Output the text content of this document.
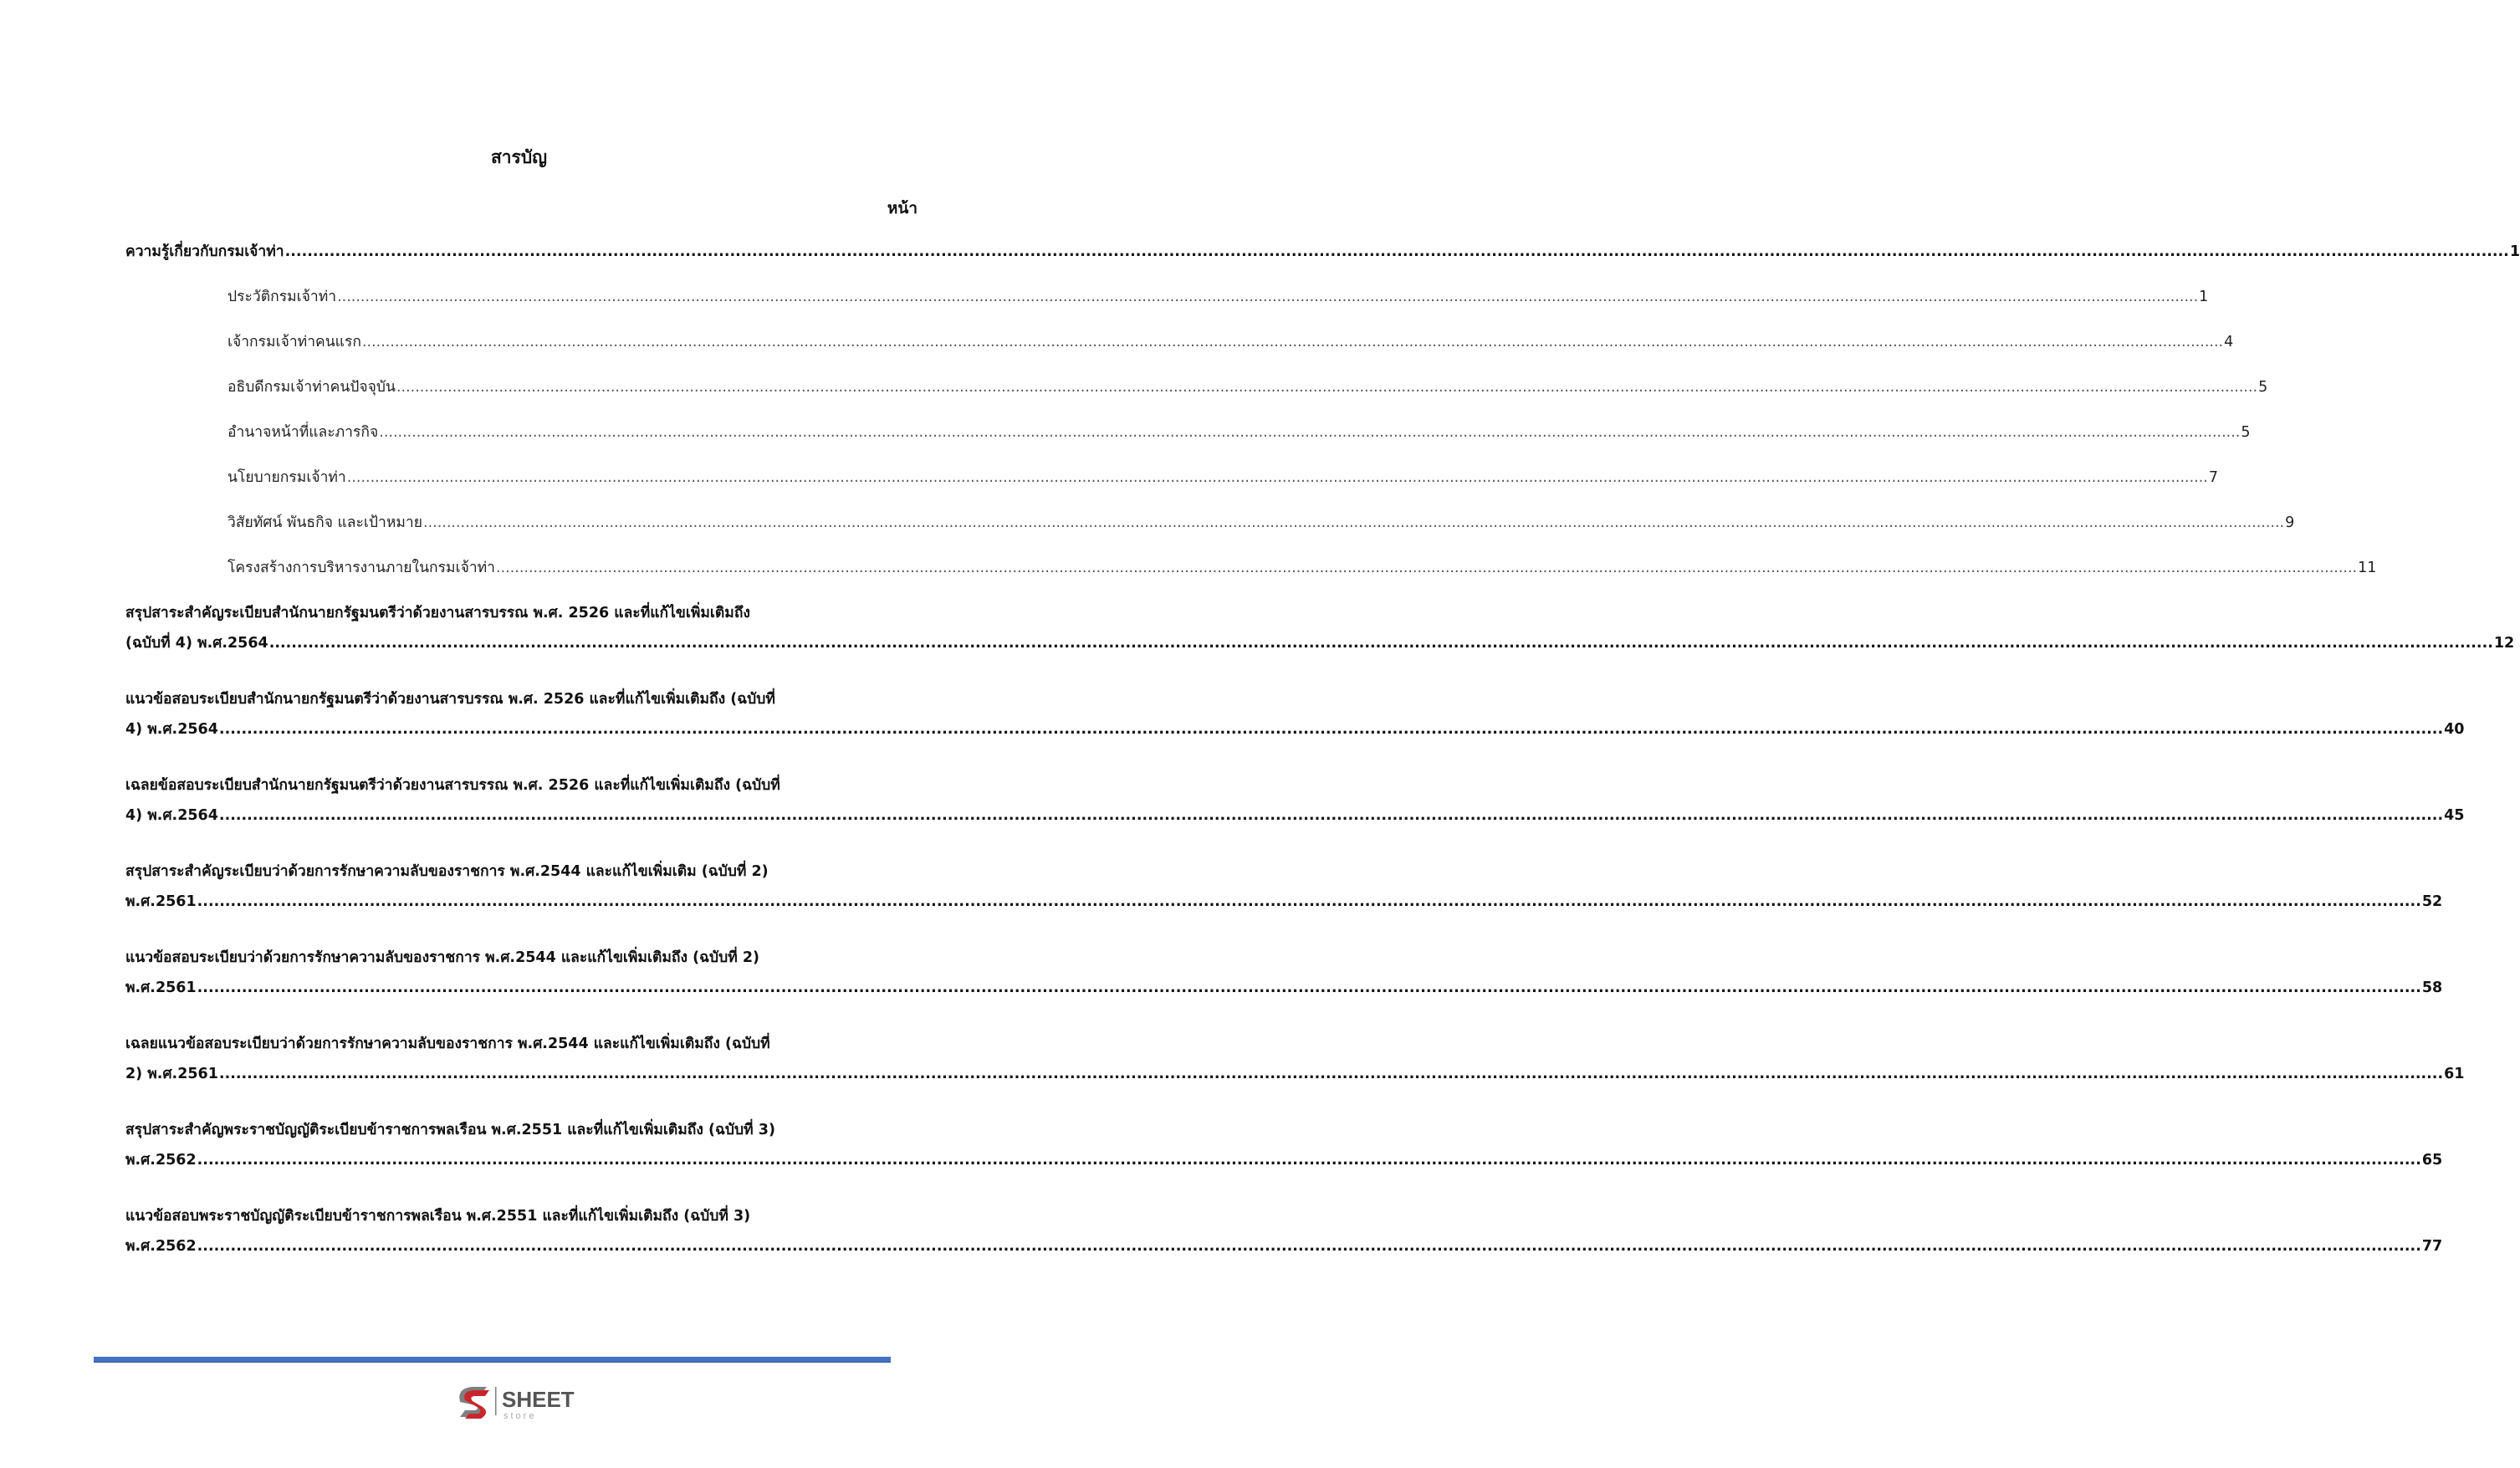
สารบัญ
หน้า
ความรู้เกี่ยวกับกรมเจ้าท่า ................................................................................................................................................................................................................................................................................................................................................................................................................ 1
ประวัติกรมเจ้าท่า ................................................................................................................................................................................................................................................................................................................................................................................................................ 1
เจ้ากรมเจ้าท่าคนแรก ................................................................................................................................................................................................................................................................................................................................................................................................................ 4
อธิบดีกรมเจ้าท่าคนปัจจุบัน ................................................................................................................................................................................................................................................................................................................................................................................................................ 5
อำนาจหน้าที่และภารกิจ ................................................................................................................................................................................................................................................................................................................................................................................................................ 5
นโยบายกรมเจ้าท่า ................................................................................................................................................................................................................................................................................................................................................................................................................ 7
วิสัยทัศน์ พันธกิจ และเป้าหมาย ................................................................................................................................................................................................................................................................................................................................................................................................................ 9
โครงสร้างการบริหารงานภายในกรมเจ้าท่า ................................................................................................................................................................................................................................................................................................................................................................................................................ 11
สรุปสาระสำคัญระเบียบสำนักนายกรัฐมนตรีว่าด้วยงานสารบรรณ พ.ศ. 2526 และที่แก้ไขเพิ่มเติมถึง
(ฉบับที่ 4) พ.ศ.2564 ................................................................................................................................................................................................................................................................................................................................................................................................................ 12
แนวข้อสอบระเบียบสำนักนายกรัฐมนตรีว่าด้วยงานสารบรรณ พ.ศ. 2526 และที่แก้ไขเพิ่มเติมถึง (ฉบับที่
4) พ.ศ.2564 ................................................................................................................................................................................................................................................................................................................................................................................................................ 40
เฉลยข้อสอบระเบียบสำนักนายกรัฐมนตรีว่าด้วยงานสารบรรณ พ.ศ. 2526 และที่แก้ไขเพิ่มเติมถึง (ฉบับที่
4) พ.ศ.2564 ................................................................................................................................................................................................................................................................................................................................................................................................................ 45
สรุปสาระสำคัญระเบียบว่าด้วยการรักษาความลับของราชการ พ.ศ.2544 และแก้ไขเพิ่มเติม (ฉบับที่ 2)
พ.ศ.2561 ................................................................................................................................................................................................................................................................................................................................................................................................................ 52
แนวข้อสอบระเบียบว่าด้วยการรักษาความลับของราชการ พ.ศ.2544 และแก้ไขเพิ่มเติมถึง (ฉบับที่ 2)
พ.ศ.2561 ................................................................................................................................................................................................................................................................................................................................................................................................................ 58
เฉลยแนวข้อสอบระเบียบว่าด้วยการรักษาความลับของราชการ พ.ศ.2544 และแก้ไขเพิ่มเติมถึง (ฉบับที่
2) พ.ศ.2561 ................................................................................................................................................................................................................................................................................................................................................................................................................ 61
สรุปสาระสำคัญพระราชบัญญัติระเบียบข้าราชการพลเรือน พ.ศ.2551 และที่แก้ไขเพิ่มเติมถึง (ฉบับที่ 3)
พ.ศ.2562 ................................................................................................................................................................................................................................................................................................................................................................................................................ 65
แนวข้อสอบพระราชบัญญัติระเบียบข้าราชการพลเรือน พ.ศ.2551 และที่แก้ไขเพิ่มเติมถึง (ฉบับที่ 3)
พ.ศ.2562 ................................................................................................................................................................................................................................................................................................................................................................................................................ 77
SHEET
store
